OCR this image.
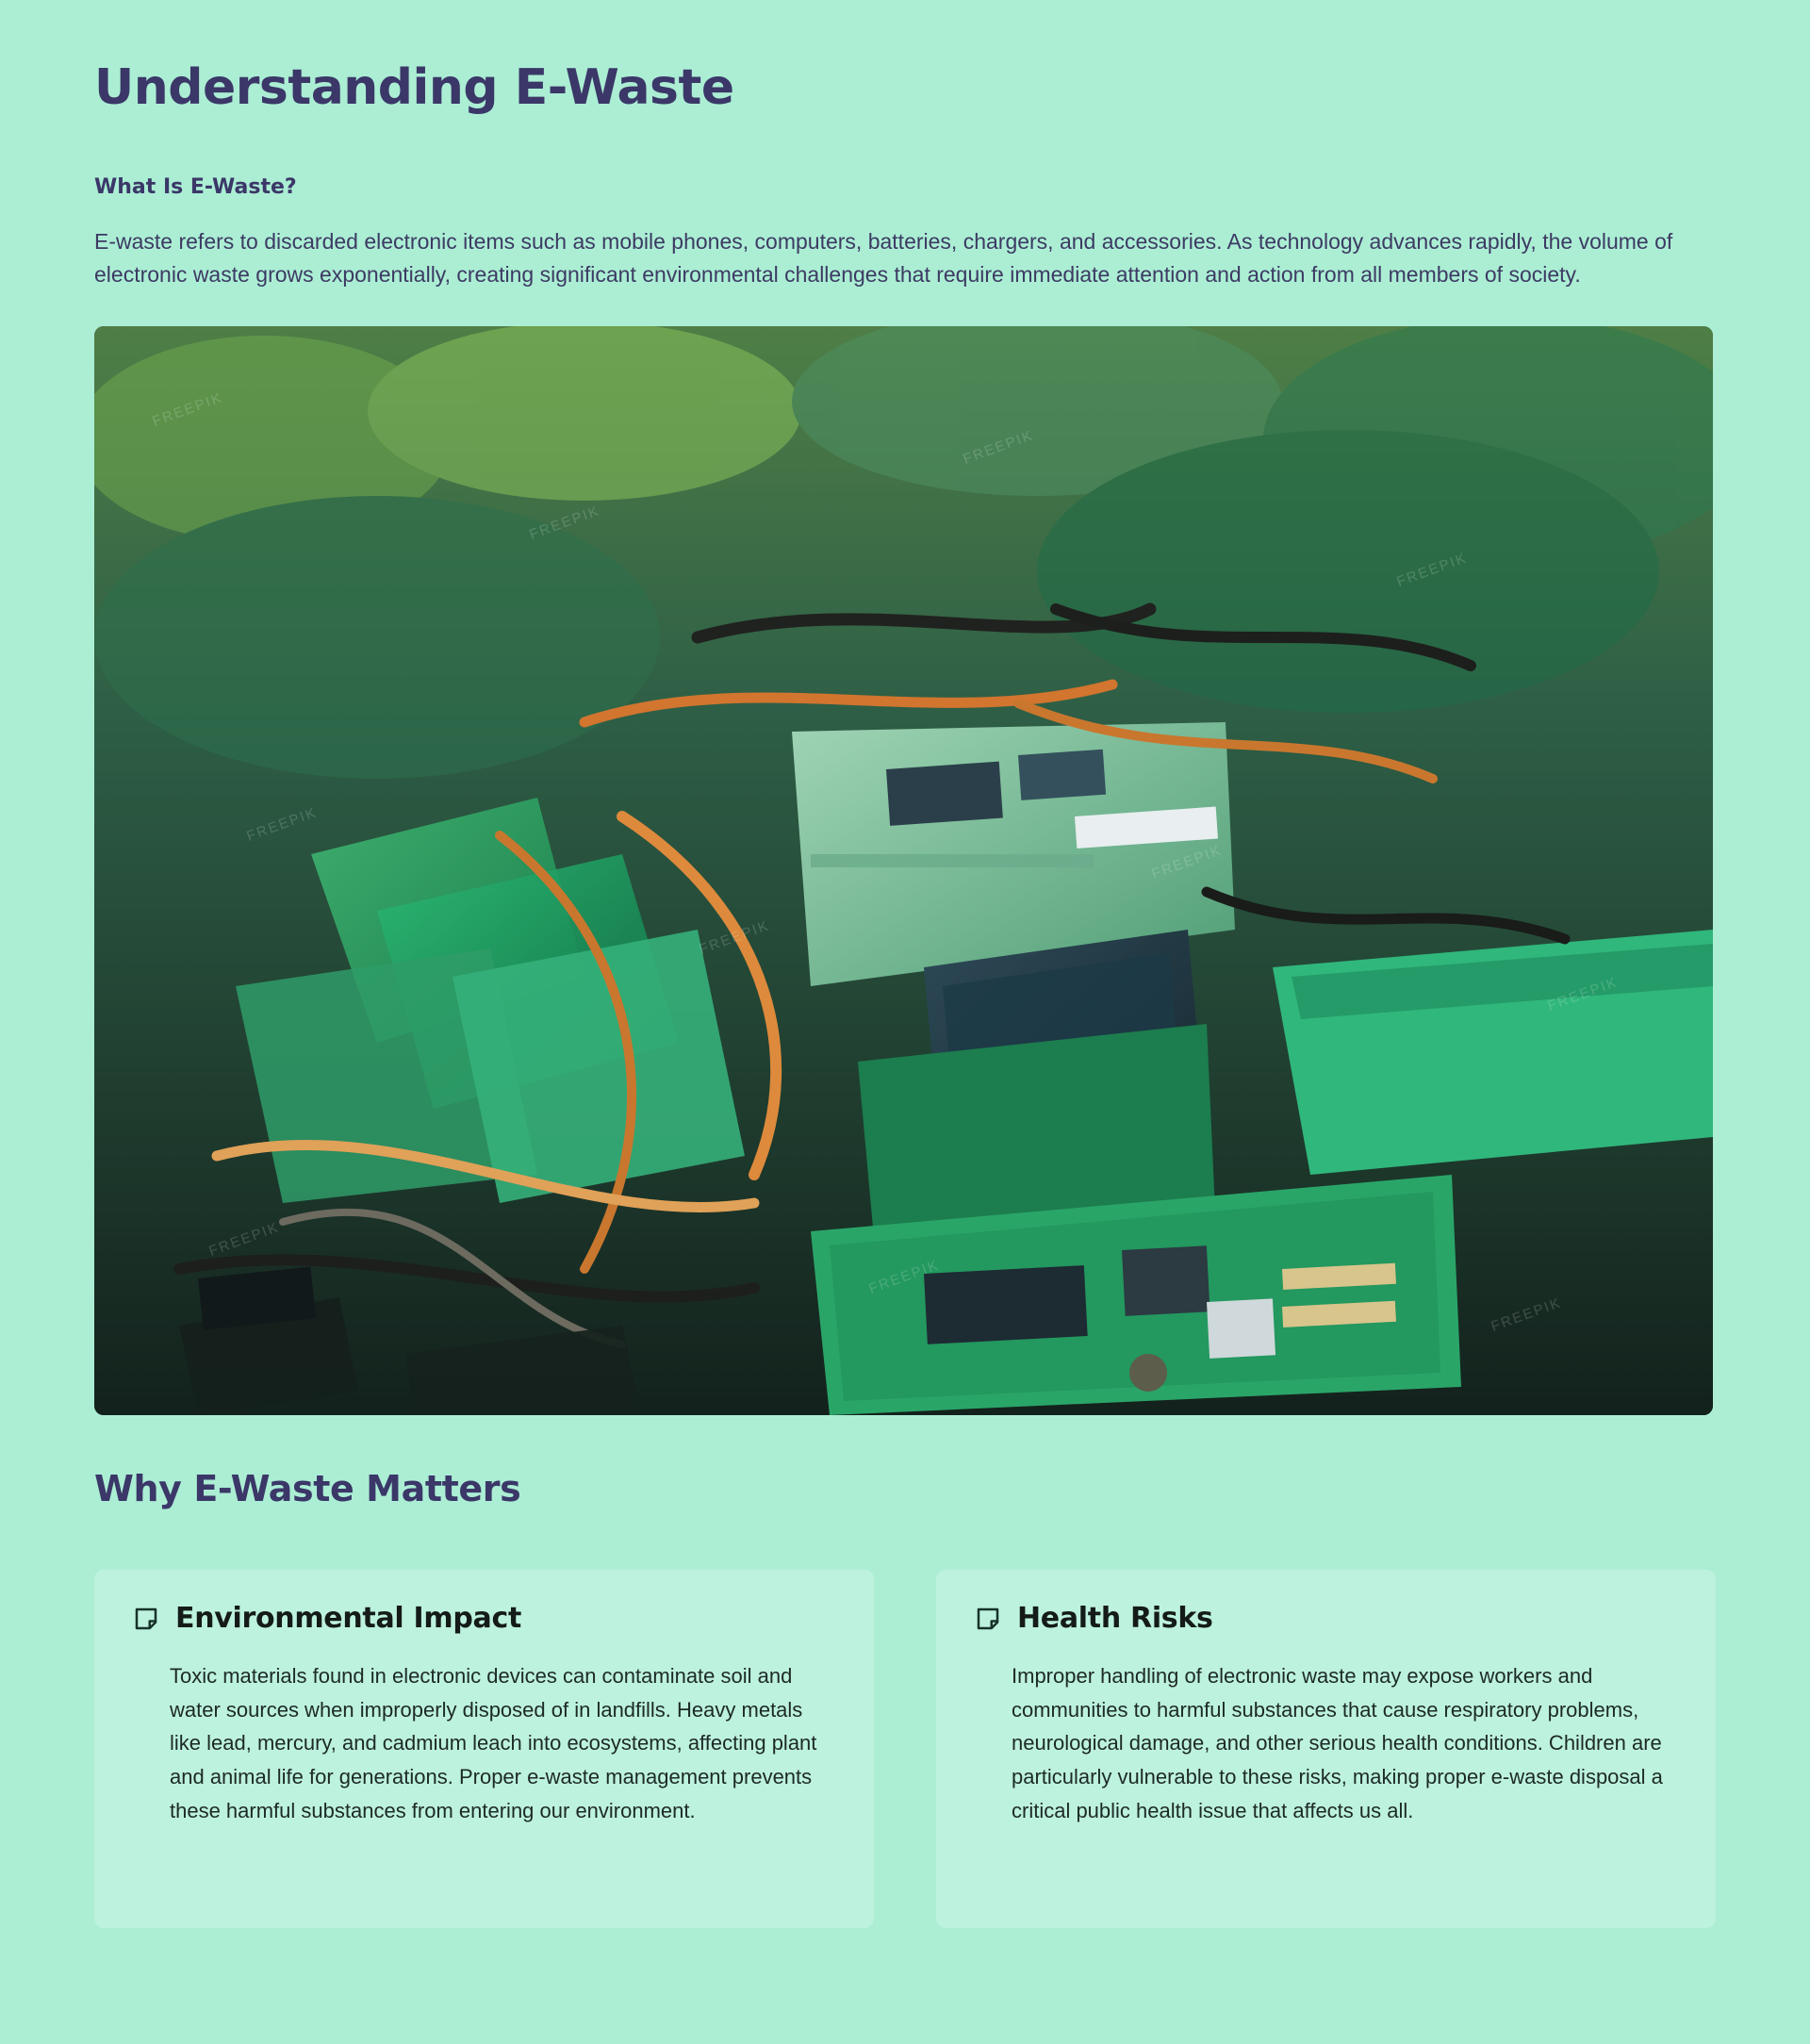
Understanding E-Waste
What Is E-Waste?

E-waste refers to discarded electronic items such as mobile phones, computers, batteries, chargers, and accessories. As technology advances rapidly, the volume of electronic waste grows exponentially, creating significant environmental challenges that require immediate attention and action from all members of society.

Why E-Waste Matters
Environmental Impact

Toxic materials found in electronic devices can contaminate soil and water sources when improperly disposed of in landfills. Heavy metals like lead, mercury, and cadmium leach into ecosystems, affecting plant and animal life for generations. Proper e-waste management prevents these harmful substances from entering our environment.

Health Risks

Improper handling of electronic waste may expose workers and communities to harmful substances that cause respiratory problems, neurological damage, and other serious health conditions. Children are particularly vulnerable to these risks, making proper e-waste disposal a critical public health issue that affects us all.
